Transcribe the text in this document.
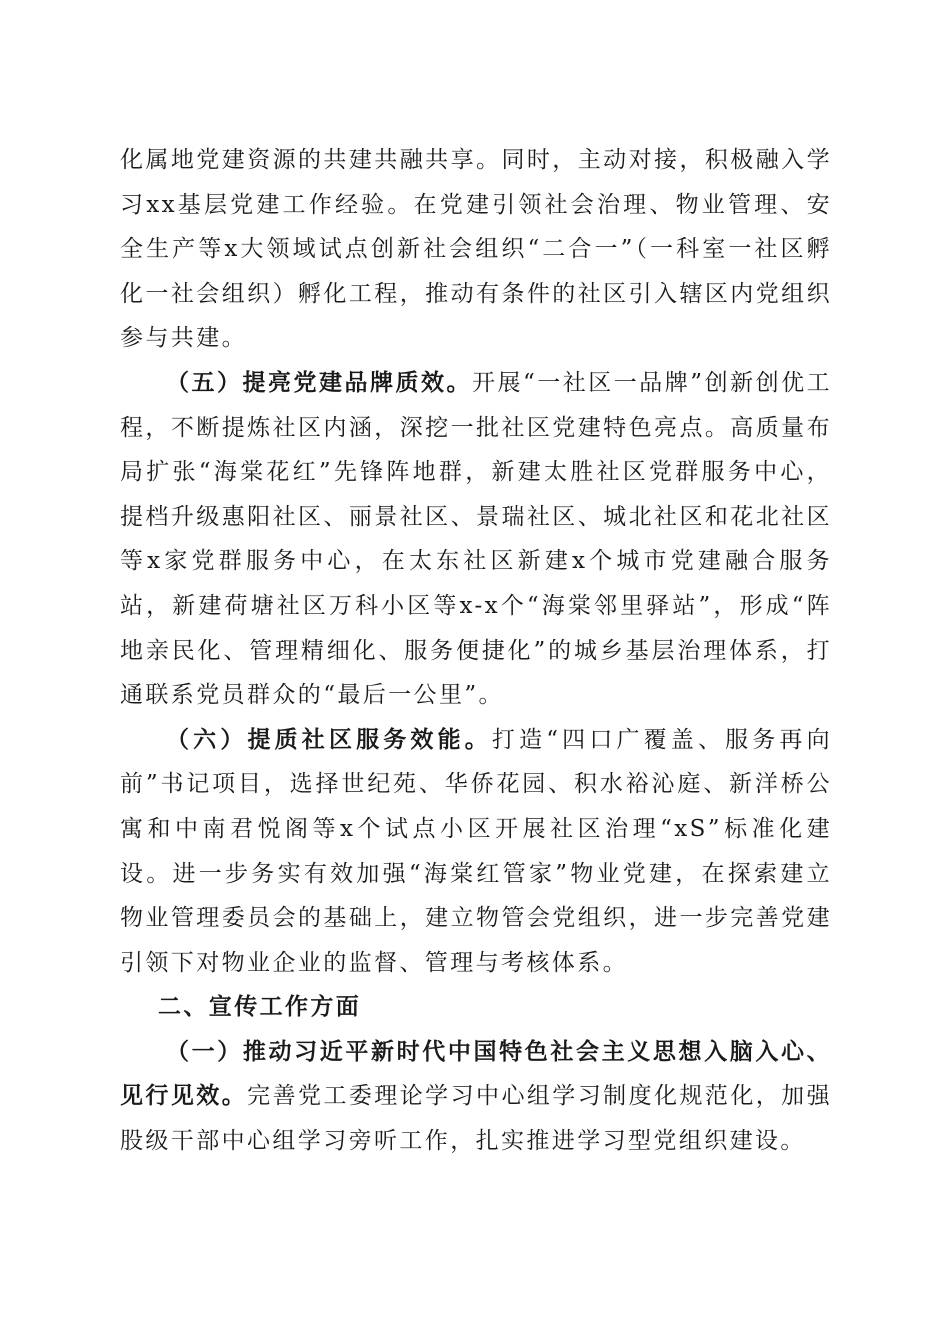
化属地党建资源的共建共融共享。同时，主动对接，积极融入学习xx基层党建工作经验。在党建引领社会治理、物业管理、安全生产等x大领域试点创新社会组织“二合一”（一科室一社区孵化一社会组织）孵化工程，推动有条件的社区引入辖区内党组织参与共建。

（五）提亮党建品牌质效。开展“一社区一品牌”创新创优工程，不断提炼社区内涵，深挖一批社区党建特色亮点。高质量布局扩张“海棠花红”先锋阵地群，新建太胜社区党群服务中心，提档升级惠阳社区、丽景社区、景瑞社区、城北社区和花北社区等x家党群服务中心，在太东社区新建x个城市党建融合服务站，新建荷塘社区万科小区等x-x个“海棠邻里驿站”，形成“阵地亲民化、管理精细化、服务便捷化”的城乡基层治理体系，打通联系党员群众的“最后一公里”。

（六）提质社区服务效能。打造“四口广覆盖、服务再向前”书记项目，选择世纪苑、华侨花园、积水裕沁庭、新洋桥公寓和中南君悦阁等x个试点小区开展社区治理“xS”标准化建设。进一步务实有效加强“海棠红管家”物业党建，在探索建立物业管理委员会的基础上，建立物管会党组织，进一步完善党建引领下对物业企业的监督、管理与考核体系。

二、宣传工作方面

（一）推动习近平新时代中国特色社会主义思想入脑入心、见行见效。完善党工委理论学习中心组学习制度化规范化，加强股级干部中心组学习旁听工作，扎实推进学习型党组织建设。
